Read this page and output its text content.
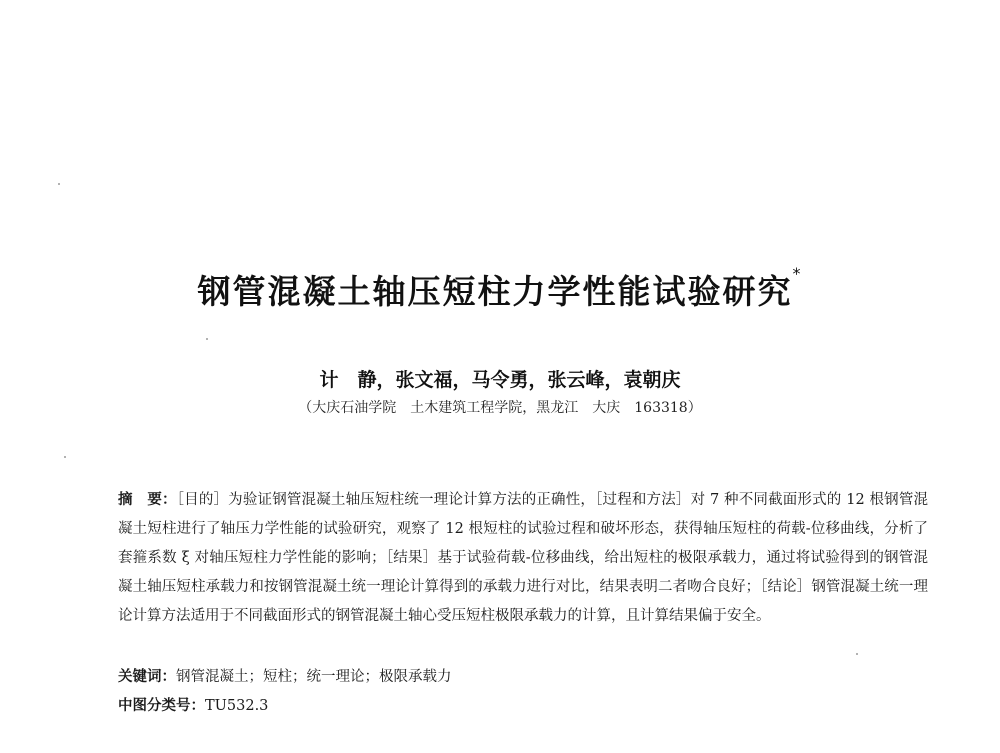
钢管混凝土轴压短柱力学性能试验研究*
计　静，张文福，马令勇，张云峰，袁朝庆
（大庆石油学院　土木建筑工程学院，黑龙江　大庆　163318）
摘　要：［目的］为验证钢管混凝土轴压短柱统一理论计算方法的正确性，［过程和方法］对 7 种不同截面形式的 12 根钢管混凝土短柱进行了轴压力学性能的试验研究，观察了 12 根短柱的试验过程和破坏形态，获得轴压短柱的荷载-位移曲线，分析了套箍系数 ξ 对轴压短柱力学性能的影响；［结果］基于试验荷载-位移曲线，给出短柱的极限承载力，通过将试验得到的钢管混凝土轴压短柱承载力和按钢管混凝土统一理论计算得到的承载力进行对比，结果表明二者吻合良好；［结论］钢管混凝土统一理论计算方法适用于不同截面形式的钢管混凝土轴心受压短柱极限承载力的计算，且计算结果偏于安全。
关键词：钢管混凝土；短柱；统一理论；极限承载力
中图分类号：TU532.3
